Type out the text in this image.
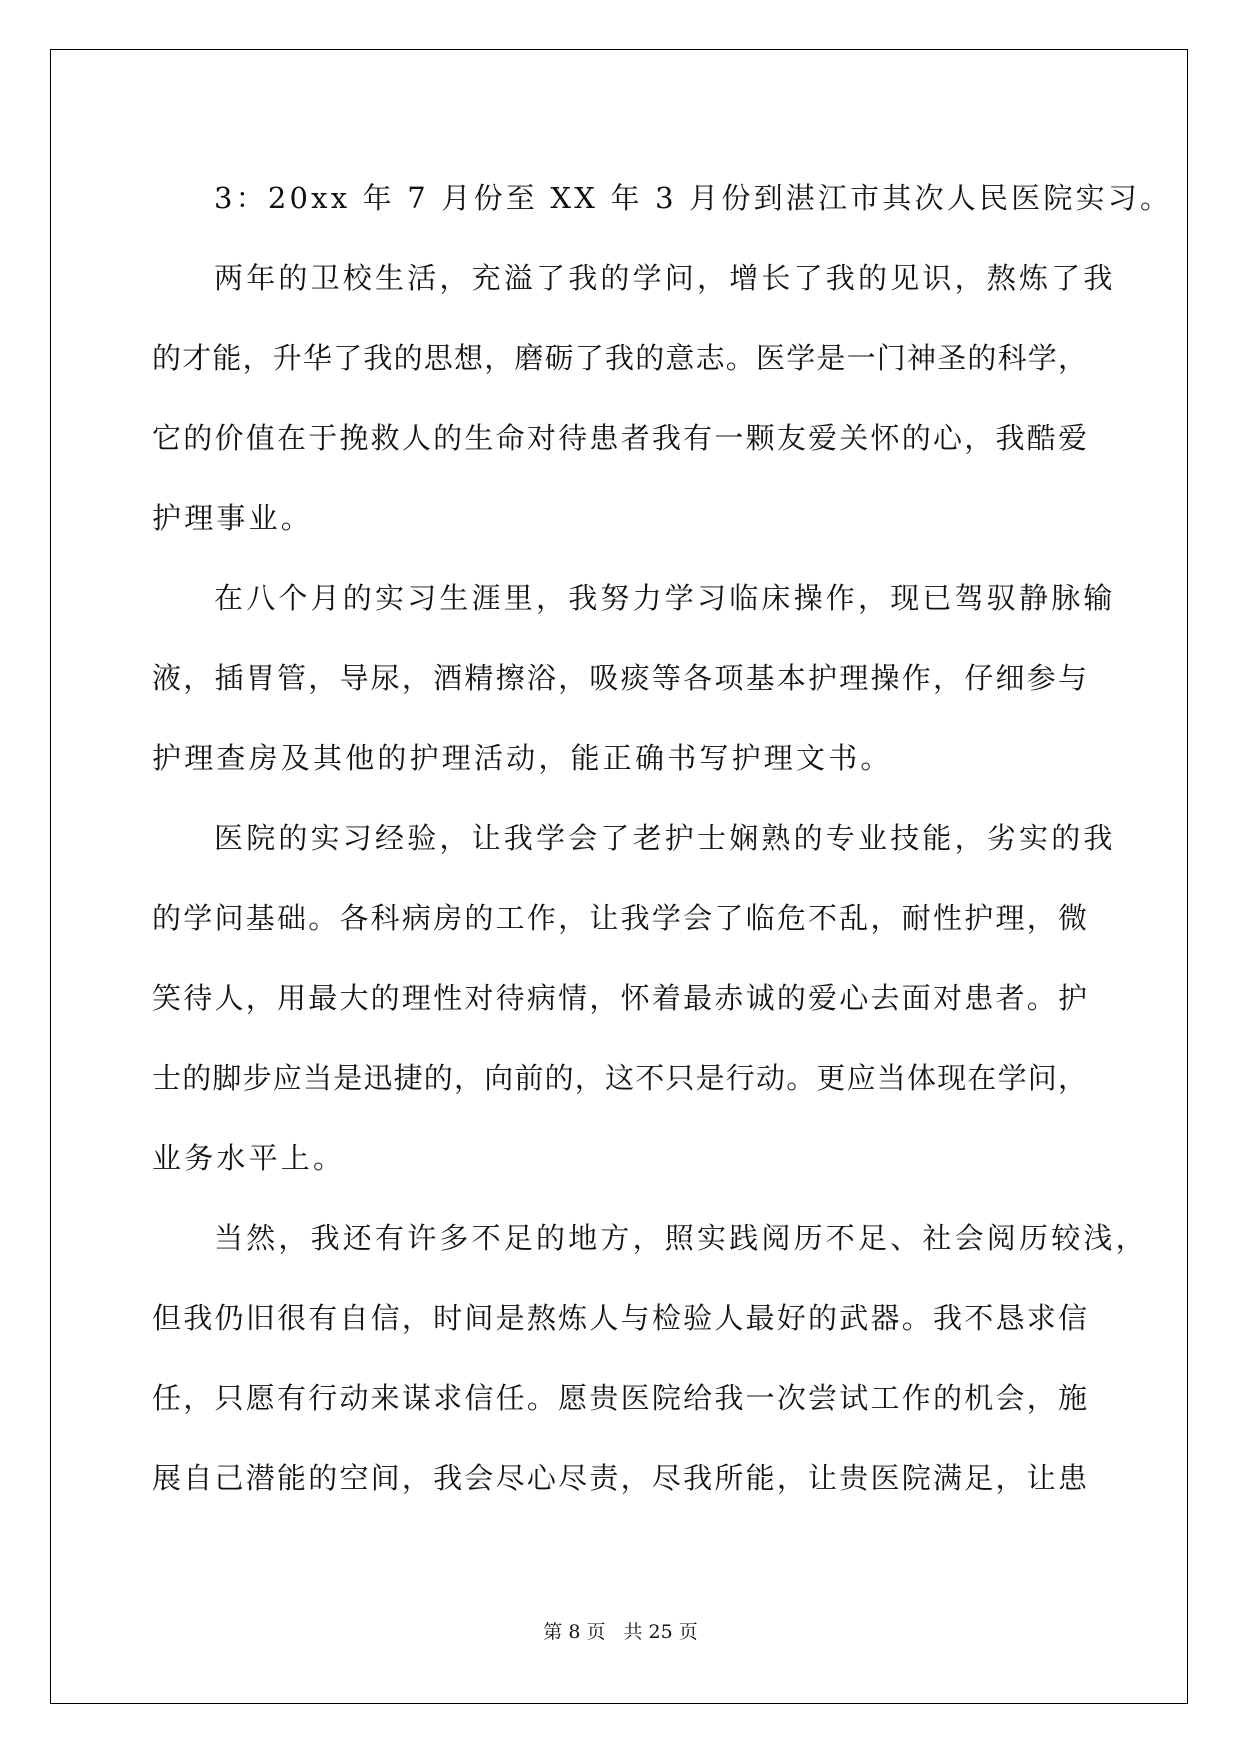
3：20xx 年 7 月份至 XX 年 3 月份到湛江市其次人民医院实习。
两年的卫校生活，充溢了我的学问，增长了我的见识，熬炼了我
的才能，升华了我的思想，磨砺了我的意志。医学是一门神圣的科学，
它的价值在于挽救人的生命对待患者我有一颗友爱关怀的心，我酷爱
护理事业。
在八个月的实习生涯里，我努力学习临床操作，现已驾驭静脉输
液，插胃管，导尿，酒精擦浴，吸痰等各项基本护理操作，仔细参与
护理查房及其他的护理活动，能正确书写护理文书。
医院的实习经验，让我学会了老护士娴熟的专业技能，劣实的我
的学问基础。各科病房的工作，让我学会了临危不乱，耐性护理，微
笑待人，用最大的理性对待病情，怀着最赤诚的爱心去面对患者。护
士的脚步应当是迅捷的，向前的，这不只是行动。更应当体现在学问，
业务水平上。
当然，我还有许多不足的地方，照实践阅历不足、社会阅历较浅，
但我仍旧很有自信，时间是熬炼人与检验人最好的武器。我不恳求信
任，只愿有行动来谋求信任。愿贵医院给我一次尝试工作的机会，施
展自己潜能的空间，我会尽心尽责，尽我所能，让贵医院满足，让患
第 8 页 共 25 页
